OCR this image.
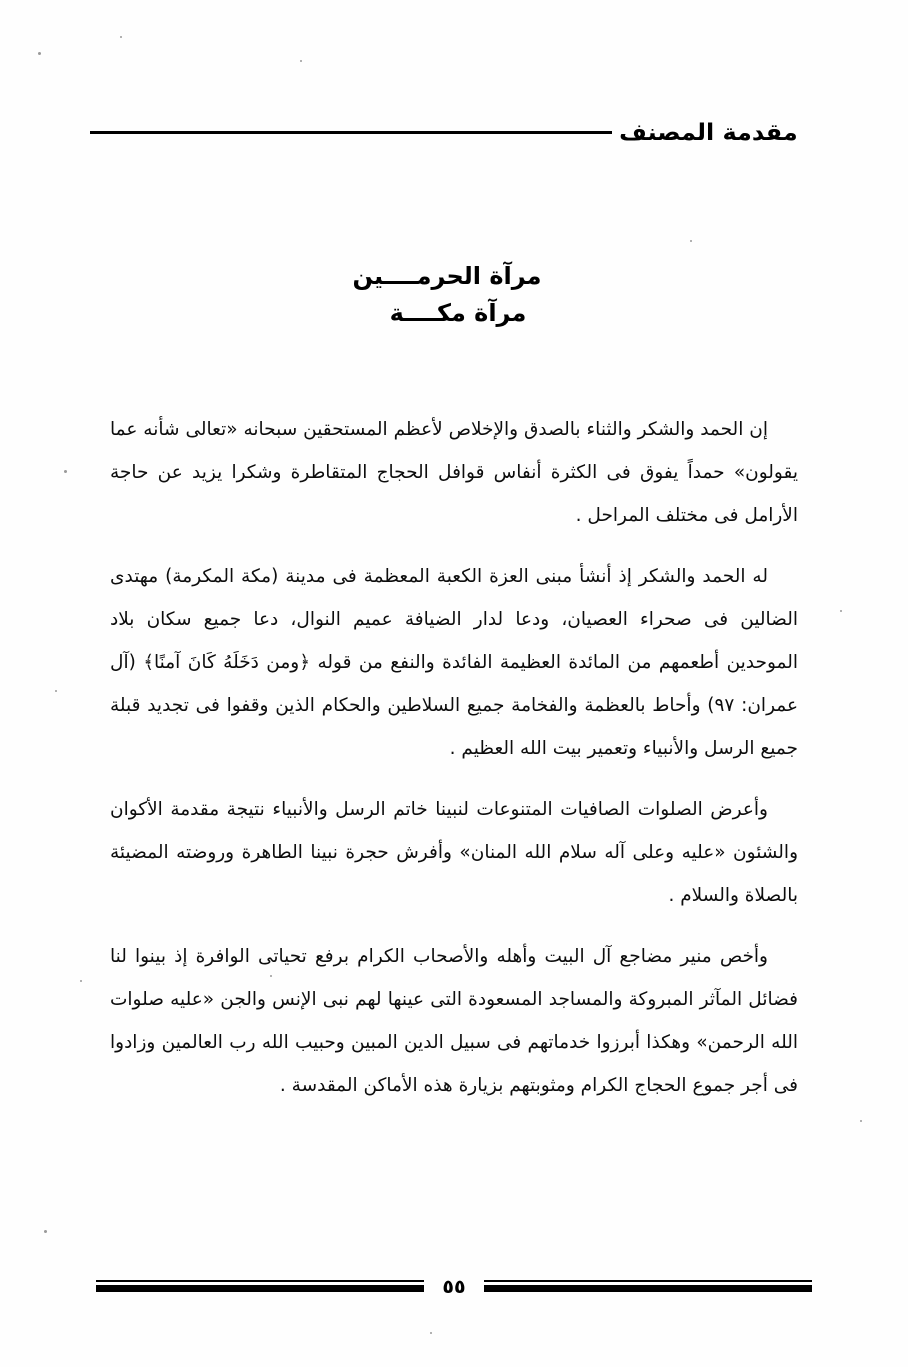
مقدمة المصنف
مرآة الحرمــــين
مرآة مكــــة

إن الحمد والشكر والثناء بالصدق والإخلاص لأعظم المستحقين سبحانه «تعالى شأنه عما يقولون» حمداً يفوق فى الكثرة أنفاس قوافل الحجاج المتقاطرة وشكرا يزيد عن حاجة الأرامل فى مختلف المراحل .

له الحمد والشكر إذ أنشأ مبنى العزة الكعبة المعظمة فى مدينة (مكة المكرمة) مهتدى الضالين فى صحراء العصيان، ودعا لدار الضيافة عميم النوال، دعا جميع سكان بلاد الموحدين أطعمهم من المائدة العظيمة الفائدة والنفع من قوله ﴿ومن دَخَلَهُ كَانَ آمنًا﴾ (آل عمران: ٩٧) وأحاط بالعظمة والفخامة جميع السلاطين والحكام الذين وقفوا فى تجديد قبلة جميع الرسل والأنبياء وتعمير بيت الله العظيم .

وأعرض الصلوات الصافيات المتنوعات لنبينا خاتم الرسل والأنبياء نتيجة مقدمة الأكوان والشئون «عليه وعلى آله سلام الله المنان» وأفرش حجرة نبينا الطاهرة وروضته المضيئة بالصلاة والسلام .

وأخص منير مضاجع آل البيت وأهله والأصحاب الكرام برفع تحياتى الوافرة إذ بينوا لنا فضائل المآثر المبروكة والمساجد المسعودة التى عينها لهم نبى الإنس والجن «عليه صلوات الله الرحمن» وهكذا أبرزوا خدماتهم فى سبيل الدين المبين وحبيب الله رب العالمين وزادوا فى أجر جموع الحجاج الكرام ومثوبتهم بزيارة هذه الأماكن المقدسة .

٥٥
